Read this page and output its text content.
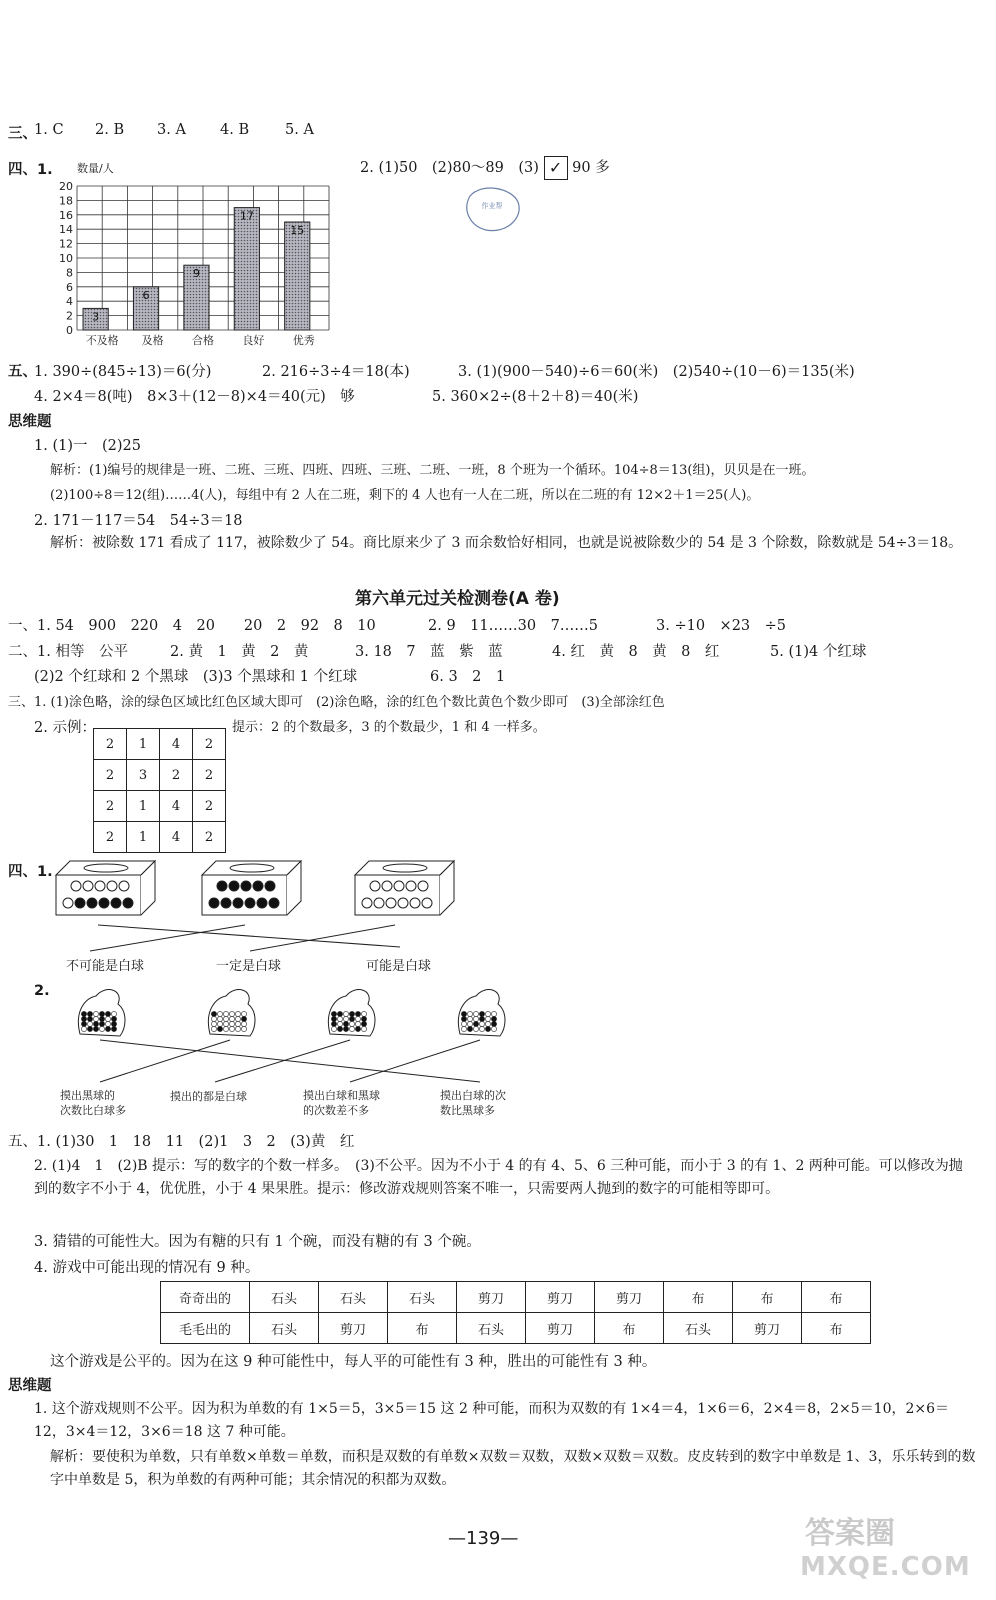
三、
1. C 2. B 3. A 4. B 5. A
四、1.	2. (1)50　(2)80～89　(3) ✓ 90 多
作业帮
0
2
4
6
8
10
12
14
16
18
20
3
不及格
6
及格
9
合格
17
良好
15
优秀
数量/人
五、
1. 390÷(845÷13)＝6(分)	2. 216÷3÷4＝18(本)	3. (1)(900－540)÷6＝60(米)　(2)540÷(10－6)＝135(米)
4. 2×4＝8(吨)　8×3＋(12－8)×4＝40(元)　够	5. 360×2÷(8＋2＋8)＝40(米)
思维题
1. (1)一　(2)25
解析：(1)编号的规律是一班、二班、三班、四班、四班、三班、二班、一班，8 个班为一个循环。104÷8＝13(组)，贝贝是在一班。
(2)100÷8＝12(组)……4(人)，每组中有 2 人在二班，剩下的 4 人也有一人在二班，所以在二班的有 12×2＋1＝25(人)。
2. 171－117＝54　54÷3＝18
解析：被除数 171 看成了 117，被除数少了 54。商比原来少了 3 而余数恰好相同，也就是说被除数少的 54 是 3 个除数，除数就是 54÷3＝18。
第六单元过关检测卷(A 卷)
一、1. 54　900　220　4　20　　20　2　92　8　10	2. 9　11……30　7……5	3. ÷10　×23　÷5
二、1. 相等　公平	2. 黄　1　黄　2　黄	3. 18　7　蓝　紫　蓝	4. 红　黄　8　黄　8　红	5. (1)4 个红球
(2)2 个红球和 2 个黑球　(3)3 个黑球和 1 个红球	6. 3　2　1
三、1. (1)涂色略，涂的绿色区域比红色区域大即可　(2)涂色略，涂的红色个数比黄色个数少即可　(3)全部涂红色
2. 示例：	提示：2 的个数最多，3 的个数最少，1 和 4 一样多。
2	1	4	2
2	3	2	2
2	1	4	2
2	1	4	2
四、1.
不可能是白球	一定是白球	可能是白球
2.
摸出黑球的
次数比白球多
摸出的都是白球	摸出白球和黑球
的次数差不多
摸出白球的次
数比黑球多
五、1. (1)30　1　18　11　(2)1　3　2　(3)黄　红
2. (1)4　1　(2)B 提示：写的数字的个数一样多。　(3)不公平。因为不小于 4 的有 4、5、6 三种可能，而小于 3 的有 1、2 两种可能。可以修改为抛到的数字不小于 4，优优胜，小于 4 果果胜。提示：修改游戏规则答案不唯一，只需要两人抛到的数字的可能相等即可。
3. 猜错的可能性大。因为有糖的只有 1 个碗，而没有糖的有 3 个碗。
4. 游戏中可能出现的情况有 9 种。
奇奇出的	石头	石头	石头	剪刀	剪刀	剪刀	布	布	布
毛毛出的	石头	剪刀	布	石头	剪刀	布	石头	剪刀	布
这个游戏是公平的。因为在这 9 种可能性中，每人平的可能性有 3 种，胜出的可能性有 3 种。
思维题
1. 这个游戏规则不公平。因为积为单数的有 1×5＝5，3×5＝15 这 2 种可能，而积为双数的有 1×4＝4，1×6＝6，2×4＝8，2×5＝10，2×6＝12，3×4＝12，3×6＝18 这 7 种可能。
解析：要使积为单数，只有单数×单数＝单数，而积是双数的有单数×双数＝双数，双数×双数＝双数。皮皮转到的数字中单数是 1、3，乐乐转到的数字中单数是 5，积为单数的有两种可能；其余情况的积都为双数。
—139—	答案圈
MXQE.COM
